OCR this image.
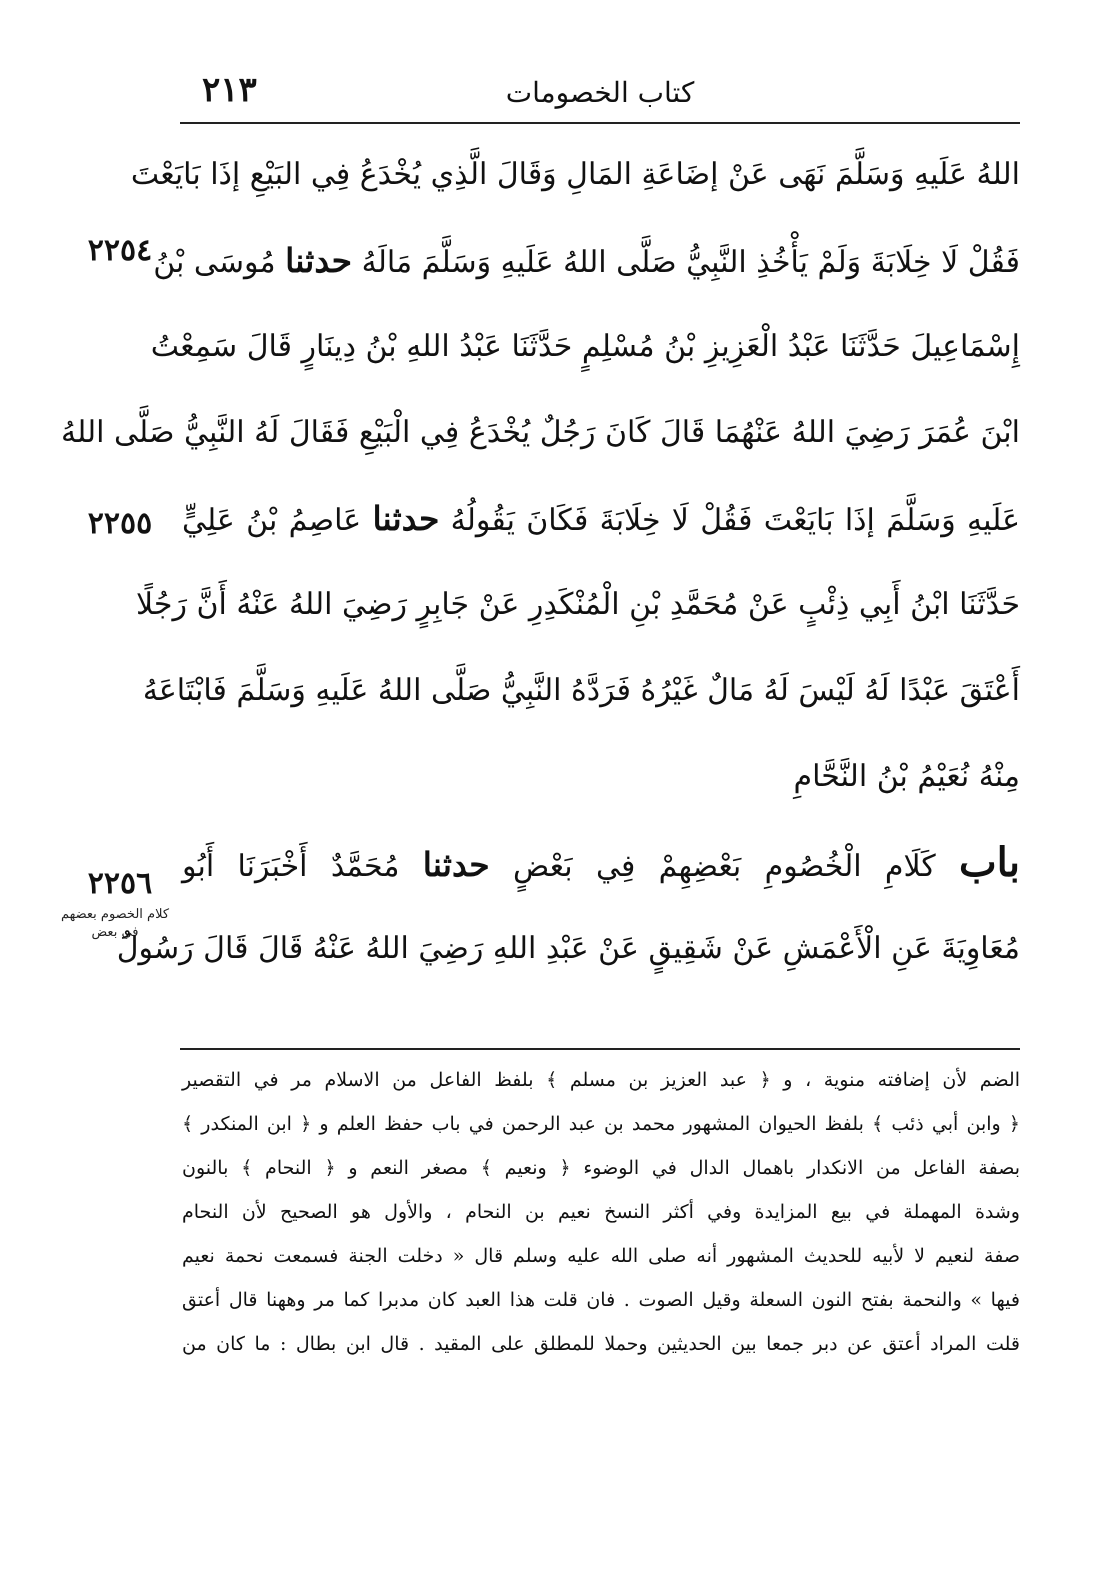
٢١٣	كتاب الخصومات
٢٢٥٤
٢٢٥٥
٢٢٥٦
كلام الخصوم بعضهم في بعض
اللهُ عَلَيهِ وَسَلَّمَ نَهَى عَنْ إضَاعَةِ المَالِ وَقَالَ الَّذِي يُخْدَعُ فِي البَيْعِ إذَا بَايَعْتَ
فَقُلْ لَا خِلَابَةَ وَلَمْ يَأْخُذِ النَّبِيُّ صَلَّى اللهُ عَلَيهِ وَسَلَّمَ مَالَهُ حدثنا مُوسَى بْنُ
إِسْمَاعِيلَ حَدَّثَنَا عَبْدُ الْعَزِيزِ بْنُ مُسْلِمٍ حَدَّثَنَا عَبْدُ اللهِ بْنُ دِينَارٍ قَالَ سَمِعْتُ
ابْنَ عُمَرَ رَضِيَ اللهُ عَنْهُمَا قَالَ كَانَ رَجُلٌ يُخْدَعُ فِي الْبَيْعِ فَقَالَ لَهُ النَّبِيُّ صَلَّى اللهُ
عَلَيهِ وَسَلَّمَ إذَا بَايَعْتَ فَقُلْ لَا خِلَابَةَ فَكَانَ يَقُولُهُ حدثنا عَاصِمُ بْنُ عَلِيٍّ
حَدَّثَنَا ابْنُ أَبِي ذِئْبٍ عَنْ مُحَمَّدِ بْنِ الْمُنْكَدِرِ عَنْ جَابِرٍ رَضِيَ اللهُ عَنْهُ أَنَّ رَجُلًا
أَعْتَقَ عَبْدًا لَهُ لَيْسَ لَهُ مَالٌ غَيْرُهُ فَرَدَّهُ النَّبِيُّ صَلَّى اللهُ عَلَيهِ وَسَلَّمَ فَابْتَاعَهُ
مِنْهُ نُعَيْمُ بْنُ النَّحَّامِ
باب كَلَامِ الْخُصُومِ بَعْضِهِمْ فِي بَعْضٍ حدثنا مُحَمَّدٌ أَخْبَرَنَا أَبُو
مُعَاوِيَةَ عَنِ الْأَعْمَشِ عَنْ شَقِيقٍ عَنْ عَبْدِ اللهِ رَضِيَ اللهُ عَنْهُ قَالَ قَالَ رَسُولُ
الضم لأن إضافته منوية ، و ﴿ عبد العزيز بن مسلم ﴾ بلفظ الفاعل من الاسلام مر في التقصير
﴿ وابن أبي ذئب ﴾ بلفظ الحيوان المشهور محمد بن عبد الرحمن في باب حفظ العلم و ﴿ ابن المنكدر ﴾
بصفة الفاعل من الانكدار باهمال الدال في الوضوء ﴿ ونعيم ﴾ مصغر النعم و ﴿ النحام ﴾ بالنون
وشدة المهملة في بيع المزايدة وفي أكثر النسخ نعيم بن النحام ، والأول هو الصحيح لأن النحام
صفة لنعيم لا لأبيه للحديث المشهور أنه صلى الله عليه وسلم قال « دخلت الجنة فسمعت نحمة نعيم
فيها » والنحمة بفتح النون السعلة وقيل الصوت . فان قلت هذا العبد كان مدبرا كما مر وههنا قال أعتق
قلت المراد أعتق عن دبر جمعا بين الحديثين وحملا للمطلق على المقيد . قال ابن بطال : ما كان من
